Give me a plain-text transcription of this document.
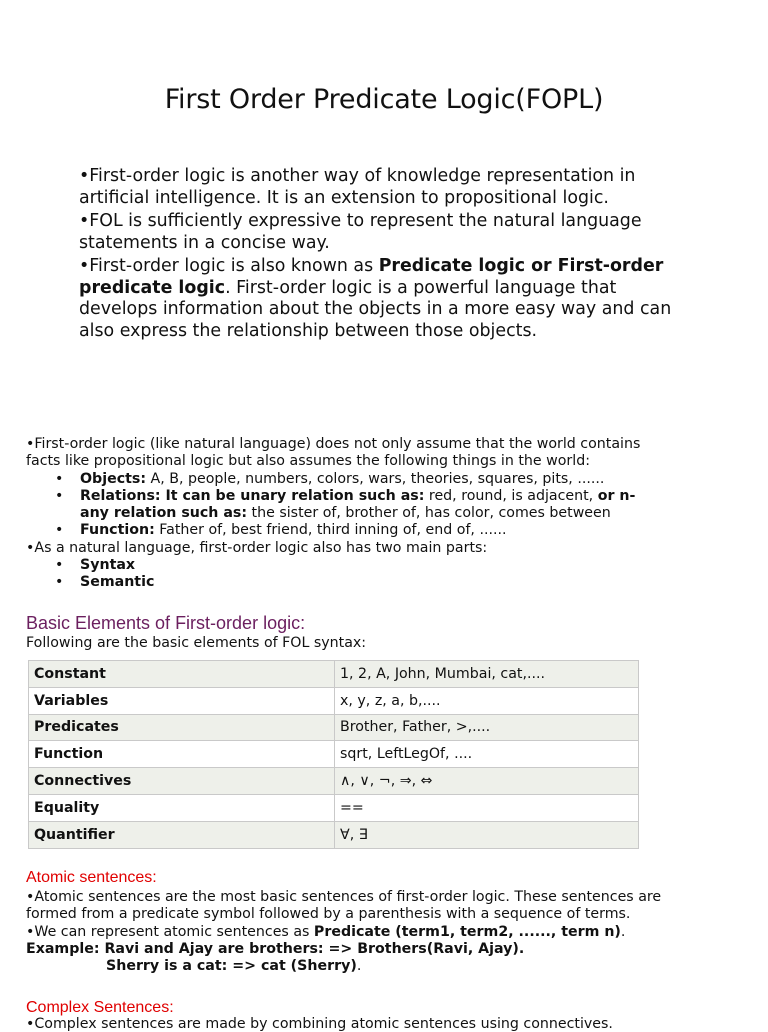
First Order Predicate Logic(FOPL)

•First-order logic is another way of knowledge representation in artificial intelligence. It is an extension to propositional logic.

•FOL is sufficiently expressive to represent the natural language statements in a concise way.

•First-order logic is also known as Predicate logic or First-order predicate logic. First-order logic is a powerful language that develops information about the objects in a more easy way and can also express the relationship between those objects.

•First-order logic (like natural language) does not only assume that the world contains facts like propositional logic but also assumes the following things in the world:

•	Objects: A, B, people, numbers, colors, wars, theories, squares, pits, ......
•	Relations: It can be unary relation such as: red, round, is adjacent, or n-any relation such as: the sister of, brother of, has color, comes between
•	Function: Father of, best friend, third inning of, end of, ......

•As a natural language, first-order logic also has two main parts:

•	Syntax
•	Semantic
Basic Elements of First-order logic:
Following are the basic elements of FOL syntax:
Constant	1, 2, A, John, Mumbai, cat,....
Variables	x, y, z, a, b,....
Predicates	Brother, Father, >,....
Function	sqrt, LeftLegOf, ....
Connectives	∧, ∨, ¬, ⇒, ⇔
Equality	==
Quantifier	∀, ∃
Atomic sentences:

•Atomic sentences are the most basic sentences of first-order logic. These sentences are formed from a predicate symbol followed by a parenthesis with a sequence of terms.

•We can represent atomic sentences as Predicate (term1, term2, ......, term n).

Example: Ravi and Ajay are brothers: => Brothers(Ravi, Ajay).

Sherry is a cat: => cat (Sherry).

Complex Sentences:
•Complex sentences are made by combining atomic sentences using connectives.
